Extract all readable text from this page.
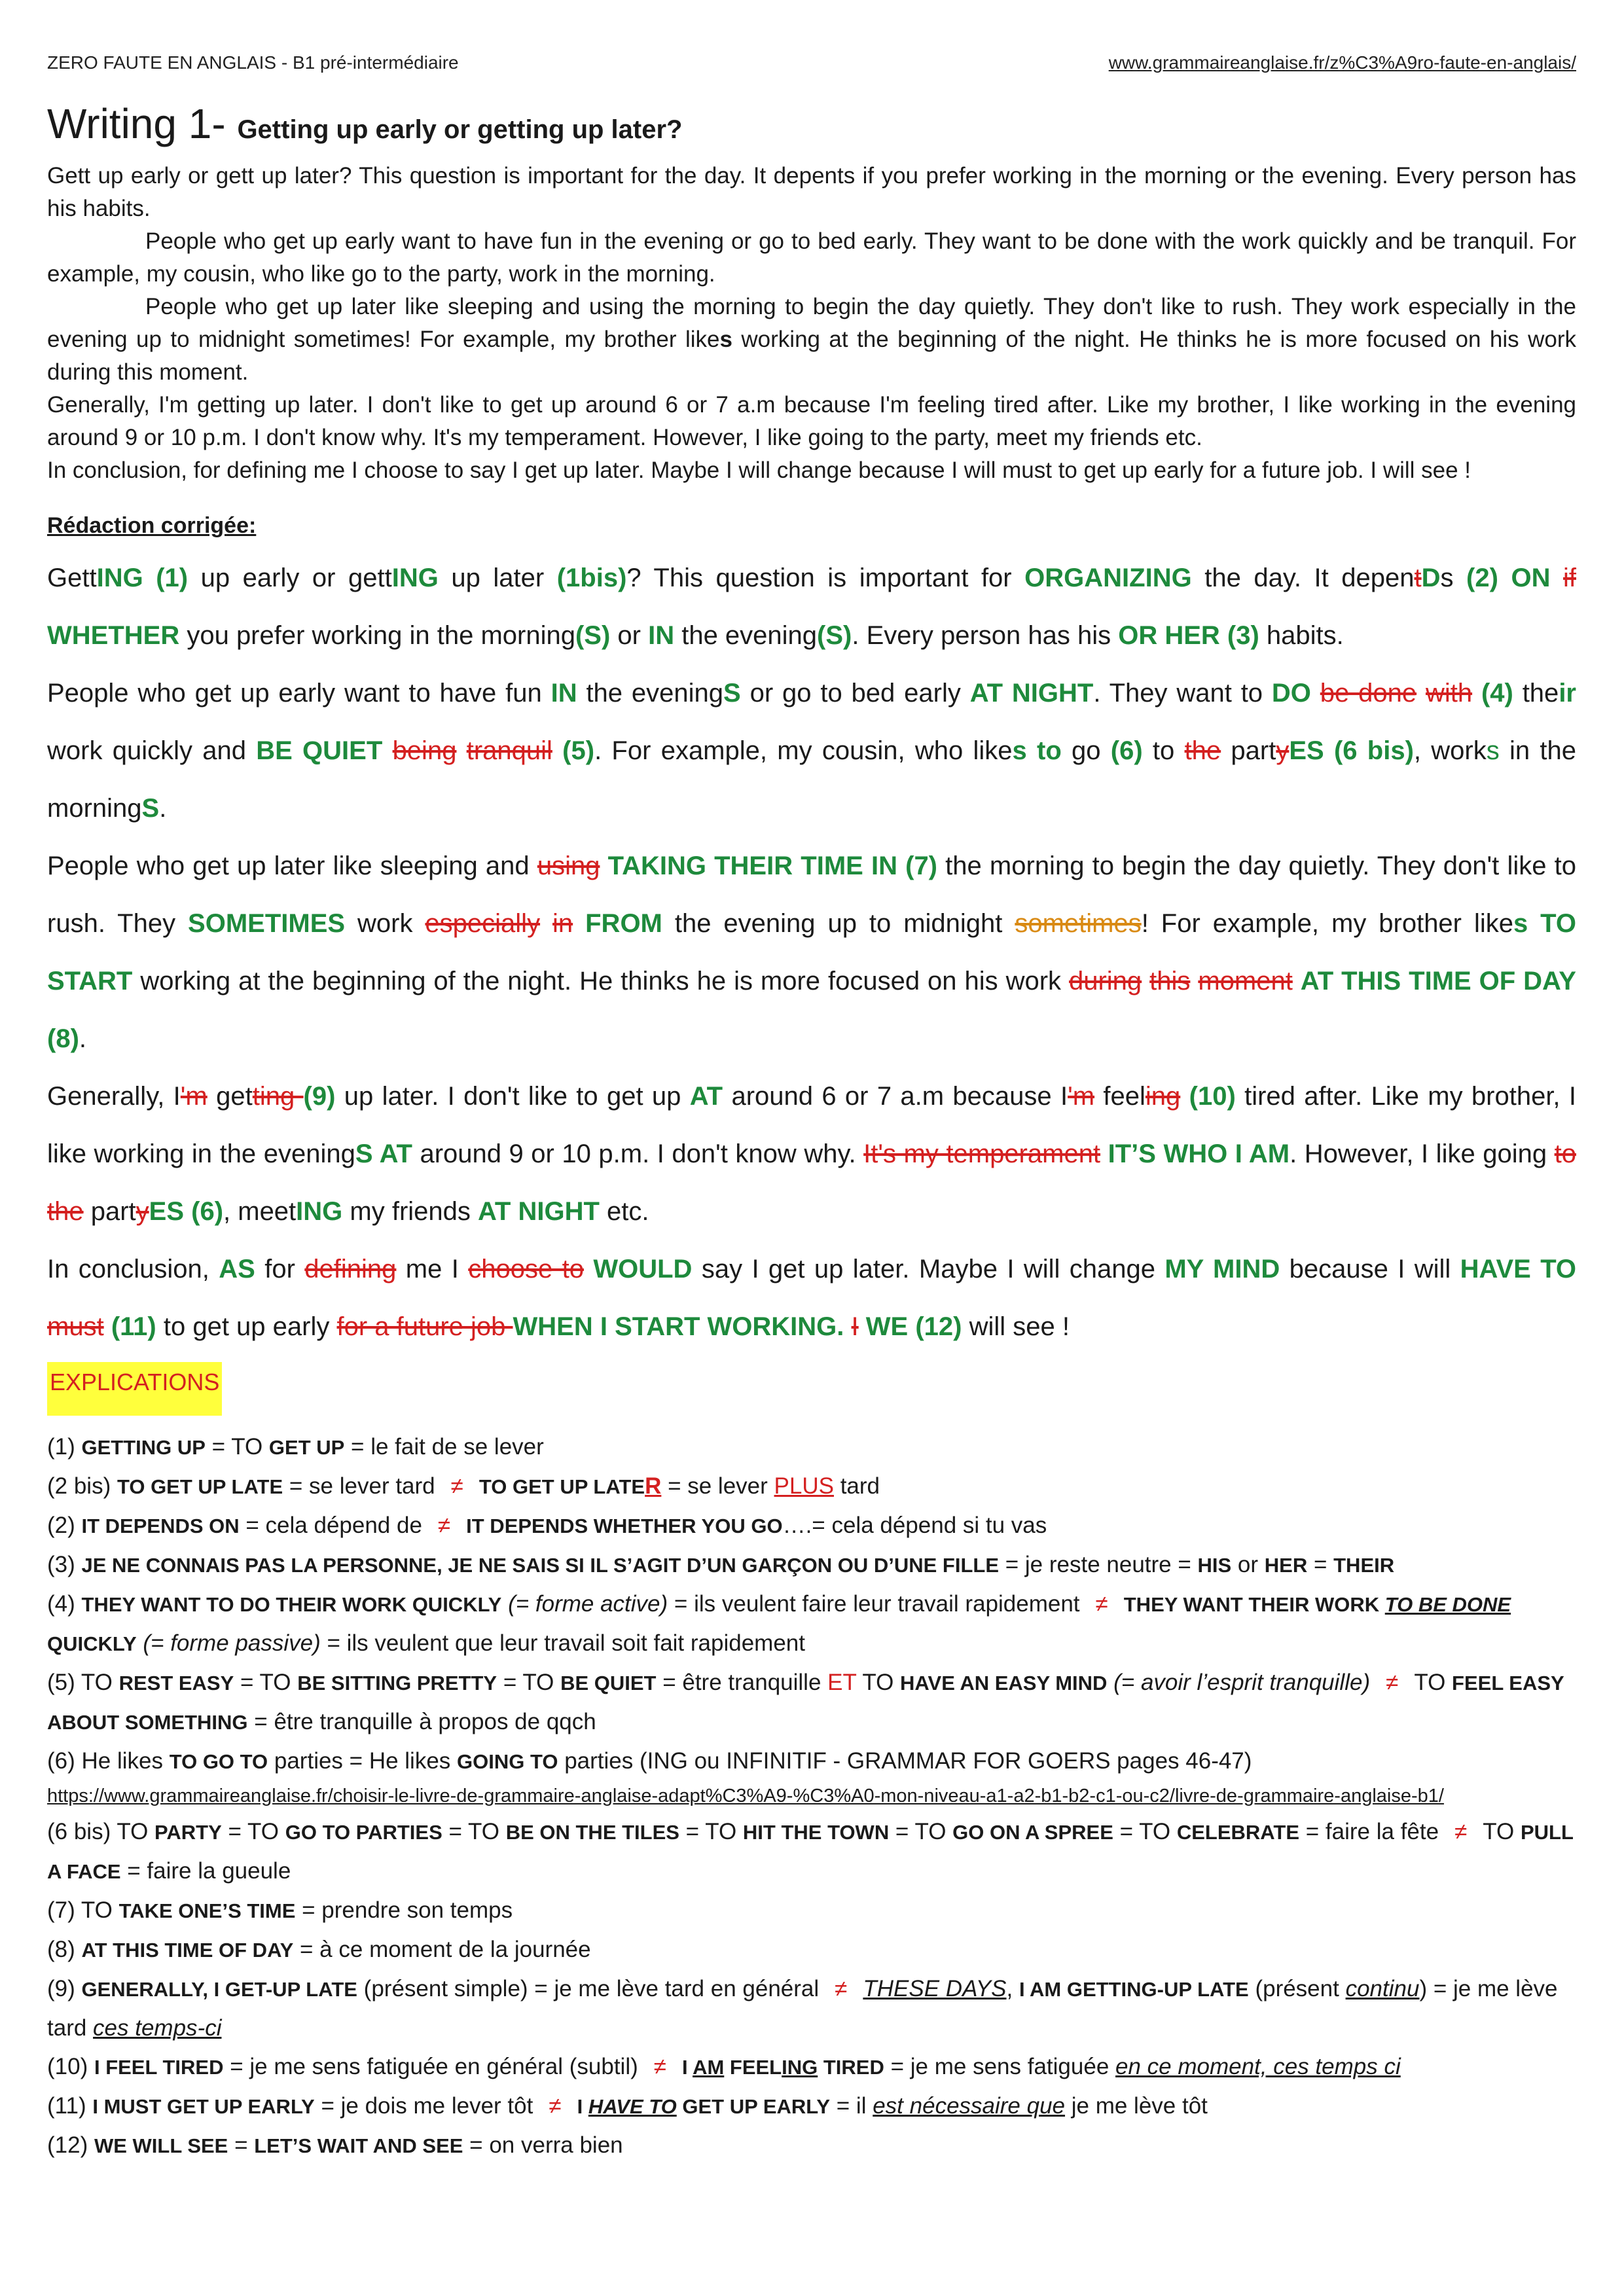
ZERO FAUTE EN ANGLAIS - B1 pré-intermédiaire	www.grammaireanglaise.fr/z%C3%A9ro-faute-en-anglais/
Writing 1- Getting up early or getting up later?

Gett up early or gett up later? This question is important for the day. It depents if you prefer working in the morning or the evening. Every person has his habits.

People who get up early want to have fun in the evening or go to bed early. They want to be done with the work quickly and be tranquil. For example, my cousin, who like go to the party, work in the morning.

People who get up later like sleeping and using the morning to begin the day quietly. They don't like to rush. They work especially in the evening up to midnight sometimes! For example, my brother likes working at the beginning of the night. He thinks he is more focused on his work during this moment.

Generally, I'm getting up later. I don't like to get up around 6 or 7 a.m because I'm feeling tired after. Like my brother, I like working in the evening around 9 or 10 p.m. I don't know why. It's my temperament. However, I like going to the party, meet my friends etc.

In conclusion, for defining me I choose to say I get up later. Maybe I will change because I will must to get up early for a future job. I will see !

Rédaction corrigée:

GettING (1) up early or gettING up later (1bis)? This question is important for ORGANIZING the day. It depentDs (2) ON if WHETHER you prefer working in the morning(S) or IN the evening(S). Every person has his OR HER (3) habits.

People who get up early want to have fun IN the eveningS or go to bed early AT NIGHT. They want to DO be done with (4) their work quickly and BE QUIET being tranquil (5). For example, my cousin, who likes to go (6) to the partyES (6 bis), works in the morningS.

People who get up later like sleeping and using TAKING THEIR TIME IN (7) the morning to begin the day quietly. They don't like to rush. They SOMETIMES work especially in FROM the evening up to midnight sometimes! For example, my brother likes TO START working at the beginning of the night. He thinks he is more focused on his work during this moment AT THIS TIME OF DAY (8).

Generally, I'm getting (9) up later. I don't like to get up AT around 6 or 7 a.m because I'm feeling (10) tired after. Like my brother, I like working in the eveningS AT around 9 or 10 p.m. I don't know why. It's my temperament IT’S WHO I AM. However, I like going to the partyES (6), meetING my friends AT NIGHT etc.

In conclusion, AS for defining me I choose to WOULD say I get up later. Maybe I will change MY MIND because I will HAVE TO must (11) to get up early for a future job WHEN I START WORKING. I WE (12) will see !

EXPLICATIONS

(1) GETTING UP = TO GET UP = le fait de se lever

(2 bis) TO GET UP LATE = se lever tard ≠ TO GET UP LATER = se lever PLUS tard

(2) IT DEPENDS ON = cela dépend de ≠ IT DEPENDS WHETHER YOU GO….= cela dépend si tu vas

(3) JE NE CONNAIS PAS LA PERSONNE, JE NE SAIS SI IL S’AGIT D’UN GARÇON OU D’UNE FILLE = je reste neutre = HIS or HER = THEIR

(4) THEY WANT TO DO THEIR WORK QUICKLY (= forme active) = ils veulent faire leur travail rapidement ≠ THEY WANT THEIR WORK TO BE DONE QUICKLY (= forme passive) = ils veulent que leur travail soit fait rapidement

(5) TO REST EASY = TO BE SITTING PRETTY = TO BE QUIET = être tranquille ET TO HAVE AN EASY MIND (= avoir l’esprit tranquille) ≠ TO FEEL EASY ABOUT SOMETHING = être tranquille à propos de qqch

(6) He likes TO GO TO parties = He likes GOING TO parties (ING ou INFINITIF - GRAMMAR FOR GOERS pages 46-47)

https://www.grammaireanglaise.fr/choisir-le-livre-de-grammaire-anglaise-adapt%C3%A9-%C3%A0-mon-niveau-a1-a2-b1-b2-c1-ou-c2/livre-de-grammaire-anglaise-b1/

(6 bis) TO PARTY = TO GO TO PARTIES = TO BE ON THE TILES = TO HIT THE TOWN = TO GO ON A SPREE = TO CELEBRATE = faire la fête ≠ TO PULL A FACE = faire la gueule

(7) TO TAKE ONE’S TIME = prendre son temps

(8) AT THIS TIME OF DAY = à ce moment de la journée

(9) GENERALLY, I GET-UP LATE (présent simple) = je me lève tard en général ≠ THESE DAYS, I AM GETTING-UP LATE (présent continu) = je me lève tard ces temps-ci

(10) I FEEL TIRED = je me sens fatiguée en général (subtil) ≠ I AM FEELING TIRED = je me sens fatiguée en ce moment, ces temps ci

(11) I MUST GET UP EARLY = je dois me lever tôt ≠ I HAVE TO GET UP EARLY = il est nécessaire que je me lève tôt

(12) WE WILL SEE = LET’S WAIT AND SEE = on verra bien
